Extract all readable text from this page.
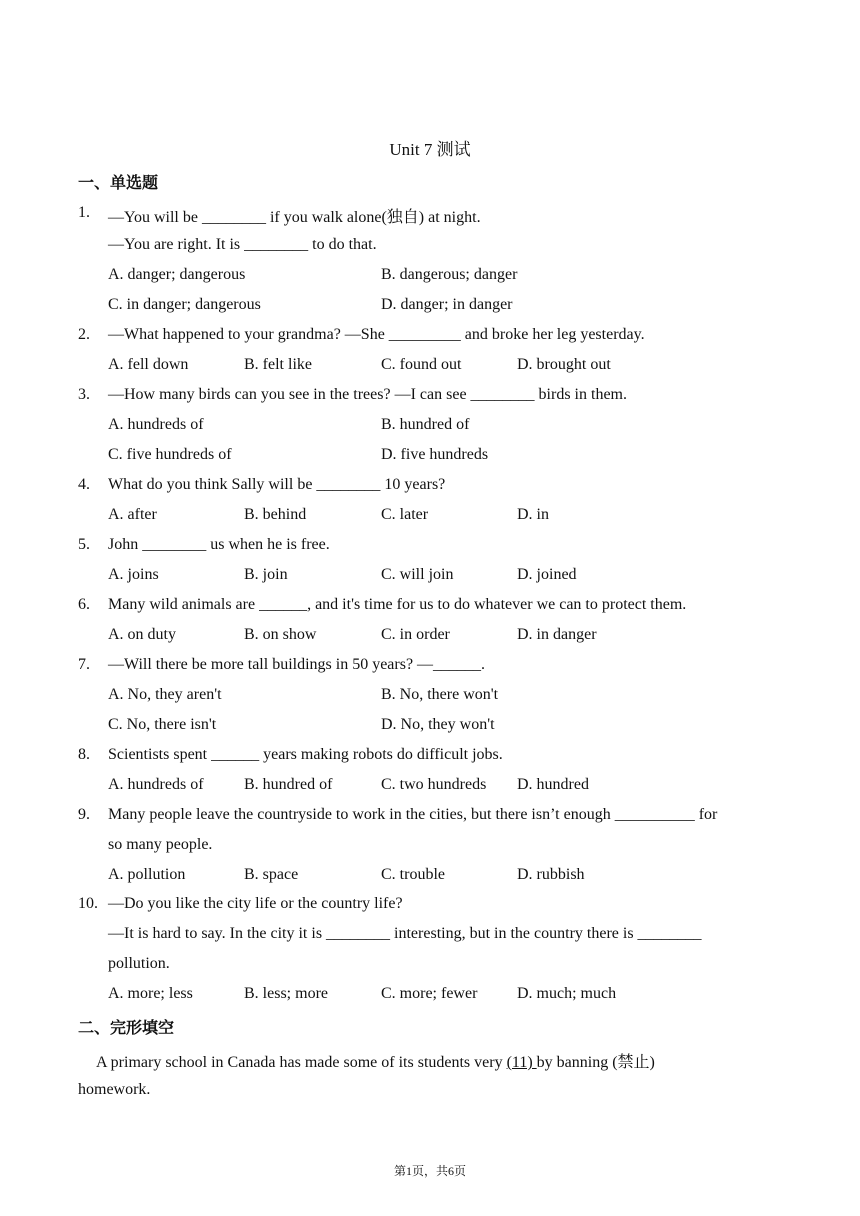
Unit 7 测试
一、单选题
1. —You will be ________ if you walk alone(独自) at night.
—You are right. It is ________ to do that.
A. danger; dangerous	B. dangerous; danger
C. in danger; dangerous	D. danger; in danger
2. —What happened to your grandma? —She _________ and broke her leg yesterday.
A. fell down	B. felt like	C. found out	D. brought out
3. —How many birds can you see in the trees? —I can see ________ birds in them.
A. hundreds of	B. hundred of
C. five hundreds of	D. five hundreds
4. What do you think Sally will be ________ 10 years?
A. after	B. behind	C. later	D. in
5. John ________ us when he is free.
A. joins	B. join	C. will join	D. joined
6. Many wild animals are ______, and it's time for us to do whatever we can to protect them.
A. on duty	B. on show	C. in order	D. in danger
7. —Will there be more tall buildings in 50 years? —______.
A. No, they aren't	B. No, there won't
C. No, there isn't	D. No, they won't
8. Scientists spent ______ years making robots do difficult jobs.
A. hundreds of	B. hundred of	C. two hundreds D. hundred
9. Many people leave the countryside to work in the cities, but there isn’t enough __________ for
so many people.
A. pollution	B. space	C. trouble	D. rubbish
10. —Do you like the city life or the country life?
—It is hard to say. In the city it is ________ interesting, but in the country there is ________
pollution.
A. more; less	B. less; more	C. more; fewer D. much; much
二、完形填空
A primary school in Canada has made some of its students very (11) by banning (禁止)
homework.
第1页，共6页
